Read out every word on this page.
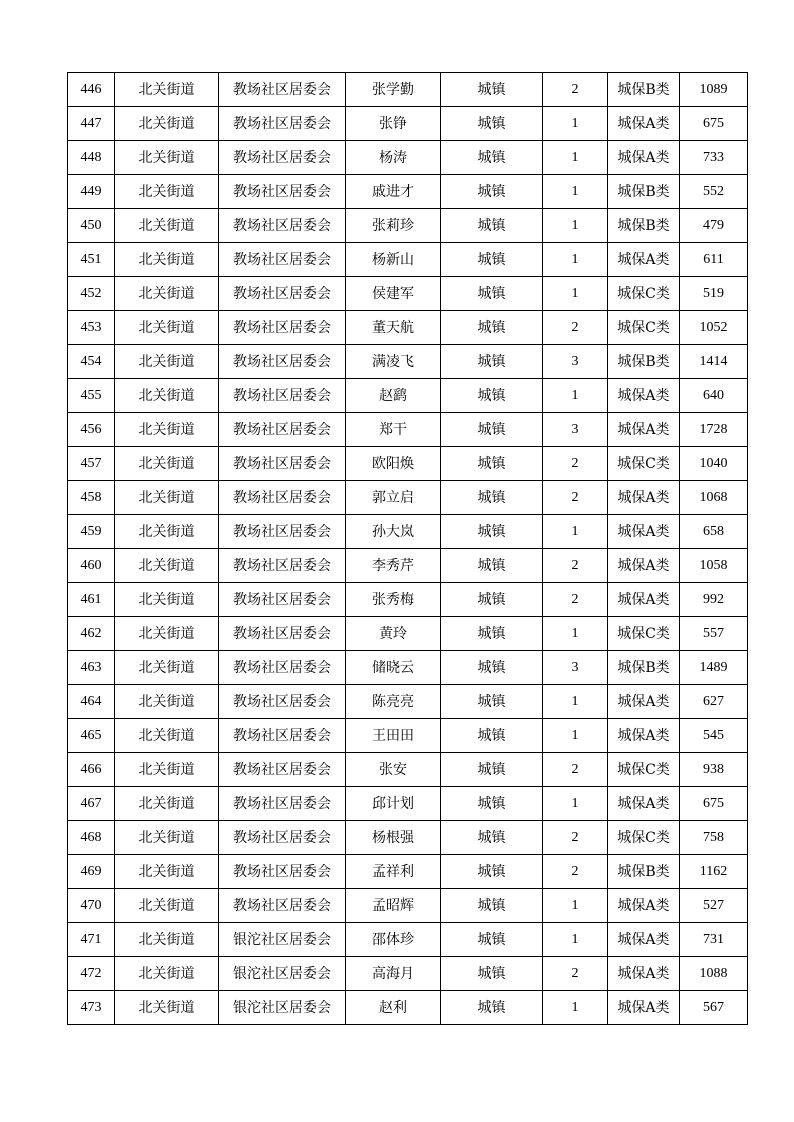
446	北关街道	教场社区居委会	张学勤	城镇	2	城保B类	1089
447	北关街道	教场社区居委会	张铮	城镇	1	城保A类	675
448	北关街道	教场社区居委会	杨涛	城镇	1	城保A类	733
449	北关街道	教场社区居委会	戚进才	城镇	1	城保B类	552
450	北关街道	教场社区居委会	张莉珍	城镇	1	城保B类	479
451	北关街道	教场社区居委会	杨新山	城镇	1	城保A类	611
452	北关街道	教场社区居委会	侯建军	城镇	1	城保C类	519
453	北关街道	教场社区居委会	董天航	城镇	2	城保C类	1052
454	北关街道	教场社区居委会	满凌飞	城镇	3	城保B类	1414
455	北关街道	教场社区居委会	赵鹞	城镇	1	城保A类	640
456	北关街道	教场社区居委会	郑干	城镇	3	城保A类	1728
457	北关街道	教场社区居委会	欧阳焕	城镇	2	城保C类	1040
458	北关街道	教场社区居委会	郭立启	城镇	2	城保A类	1068
459	北关街道	教场社区居委会	孙大岚	城镇	1	城保A类	658
460	北关街道	教场社区居委会	李秀芹	城镇	2	城保A类	1058
461	北关街道	教场社区居委会	张秀梅	城镇	2	城保A类	992
462	北关街道	教场社区居委会	黄玲	城镇	1	城保C类	557
463	北关街道	教场社区居委会	储晓云	城镇	3	城保B类	1489
464	北关街道	教场社区居委会	陈亮亮	城镇	1	城保A类	627
465	北关街道	教场社区居委会	王田田	城镇	1	城保A类	545
466	北关街道	教场社区居委会	张安	城镇	2	城保C类	938
467	北关街道	教场社区居委会	邱计划	城镇	1	城保A类	675
468	北关街道	教场社区居委会	杨根强	城镇	2	城保C类	758
469	北关街道	教场社区居委会	孟祥利	城镇	2	城保B类	1162
470	北关街道	教场社区居委会	孟昭辉	城镇	1	城保A类	527
471	北关街道	银沱社区居委会	邵体珍	城镇	1	城保A类	731
472	北关街道	银沱社区居委会	高海月	城镇	2	城保A类	1088
473	北关街道	银沱社区居委会	赵利	城镇	1	城保A类	567
